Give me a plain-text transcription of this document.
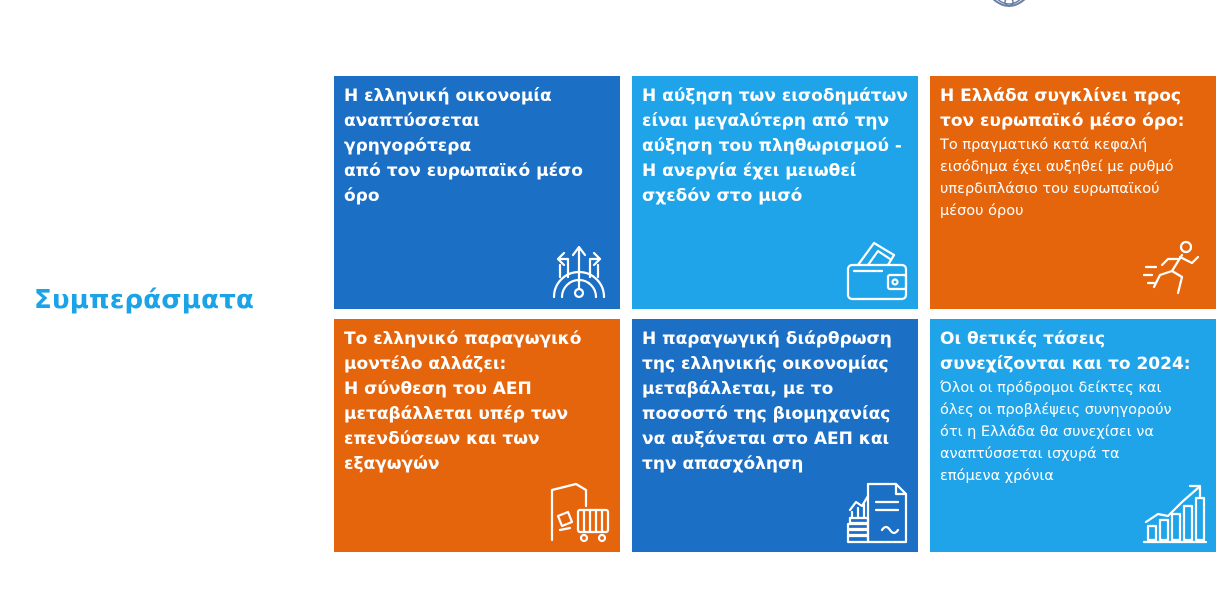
Συμπεράσματα

Η ελληνική οικονομία
αναπτύσσεται γρηγορότερα
από τον ευρωπαϊκό μέσο
όρο

Η αύξηση των εισοδημάτων
είναι μεγαλύτερη από την
αύξηση του πληθωρισμού -
Η ανεργία έχει μειωθεί
σχεδόν στο μισό

Η Ελλάδα συγκλίνει προς
τον ευρωπαϊκό μέσο όρο:

Το πραγματικό κατά κεφαλή
εισόδημα έχει αυξηθεί με ρυθμό
υπερδιπλάσιο του ευρωπαϊκού
μέσου όρου

Το ελληνικό παραγωγικό
μοντέλο αλλάζει:
Η σύνθεση του ΑΕΠ
μεταβάλλεται υπέρ των
επενδύσεων και των
εξαγωγών

Η παραγωγική διάρθρωση
της ελληνικής οικονομίας
μεταβάλλεται, με το
ποσοστό της βιομηχανίας
να αυξάνεται στο ΑΕΠ και
την απασχόληση

Οι θετικές τάσεις
συνεχίζονται και το 2024:

Όλοι οι πρόδρομοι δείκτες και
όλες οι προβλέψεις συνηγορούν
ότι η Ελλάδα θα συνεχίσει να
αναπτύσσεται ισχυρά τα
επόμενα χρόνια
